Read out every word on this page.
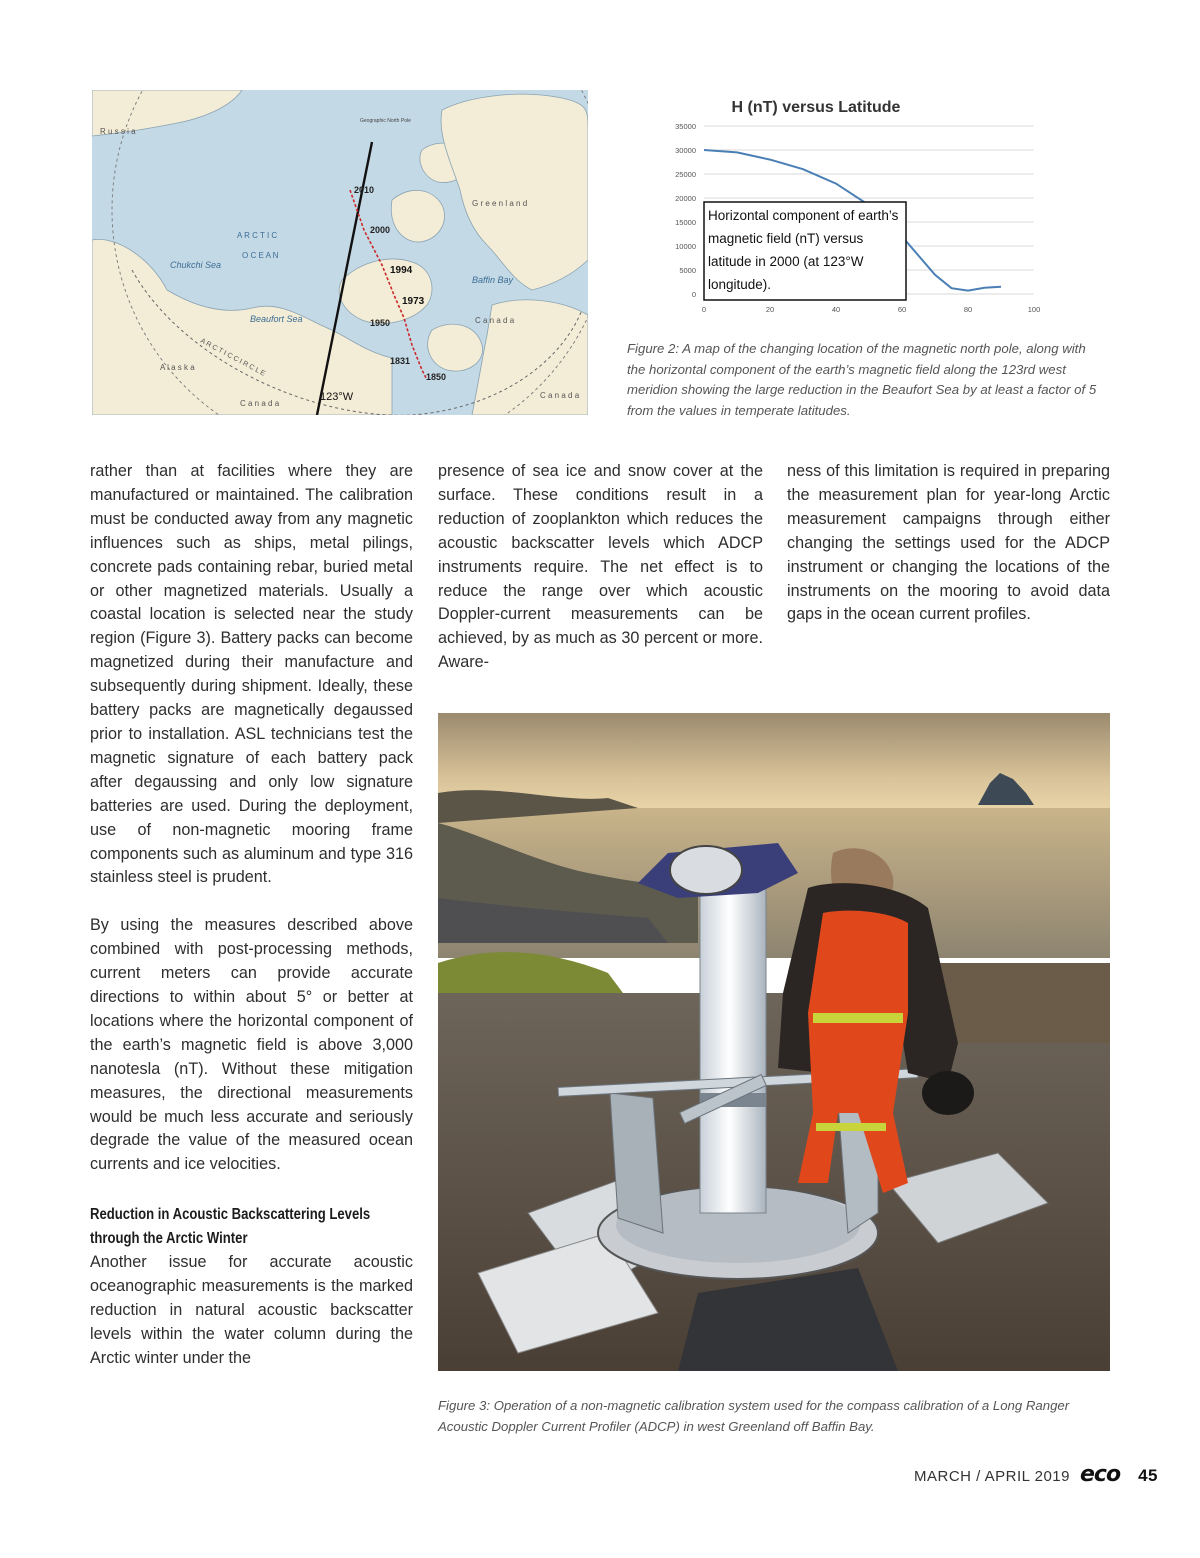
R u s s i a
G r e e n l a n d
A R C T I C
O C E A N
Chukchi Sea
Beaufort Sea
Baffin Bay
C a n a d a
A l a s k a A R C T I C C I R C L E
C a n a d a
C a n a d a
Geographic North Pole
123°W
2010
2000
1994
1973
1950
1831
1850
H (nT) versus Latitude
0
5000
10000
15000
20000
25000
30000
35000
0	20	40	60	80	100
Horizontal component of earth’s magnetic field (nT) versus latitude in 2000 (at 123°W longitude).
Figure 2: A map of the changing location of the magnetic north pole, along with the horizontal component of the earth’s magnetic field along the 123rd west meridion showing the large reduction in the Beaufort Sea by at least a factor of 5 from the values in temperate latitudes.

rather than at facilities where they are manufactured or maintained. The calibration must be conducted away from any magnetic influences such as ships, metal pilings, concrete pads containing rebar, buried metal or other magnetized materials. Usually a coastal location is selected near the study region (Figure 3). Battery packs can become magnetized during their manufacture and subsequently during shipment. Ideally, these battery packs are magnetically degaussed prior to installation. ASL technicians test the magnetic signature of each battery pack after degaussing and only low signature batteries are used. During the deployment, use of non-magnetic mooring frame components such as aluminum and type 316 stainless steel is prudent.

By using the measures described above combined with post-processing methods, current meters can provide accurate directions to within about 5° or better at locations where the horizontal component of the earth’s magnetic field is above 3,000 nanotesla (nT). Without these mitigation measures, the directional measurements would be much less accurate and seriously degrade the value of the measured ocean currents and ice velocities.

Reduction in Acoustic Backscattering Levels through the Arctic Winter

Another issue for accurate acoustic oceanographic measurements is the marked reduction in natural acoustic backscatter levels within the water column during the Arctic winter under the

presence of sea ice and snow cover at the surface. These conditions result in a reduction of zooplankton which reduces the acoustic backscatter levels which ADCP instruments require. The net effect is to reduce the range over which acoustic Doppler-current measurements can be achieved, by as much as 30 percent or more. Aware-

ness of this limitation is required in preparing the measurement plan for year-long Arctic measurement campaigns through either changing the settings used for the ADCP instrument or changing the locations of the instruments on the mooring to avoid data gaps in the ocean current profiles.

Figure 3: Operation of a non-magnetic calibration system used for the compass calibration of a Long Ranger Acoustic Doppler Current Profiler (ADCP) in west Greenland off Baffin Bay.
MARCH / APRIL 2019 eco 45
